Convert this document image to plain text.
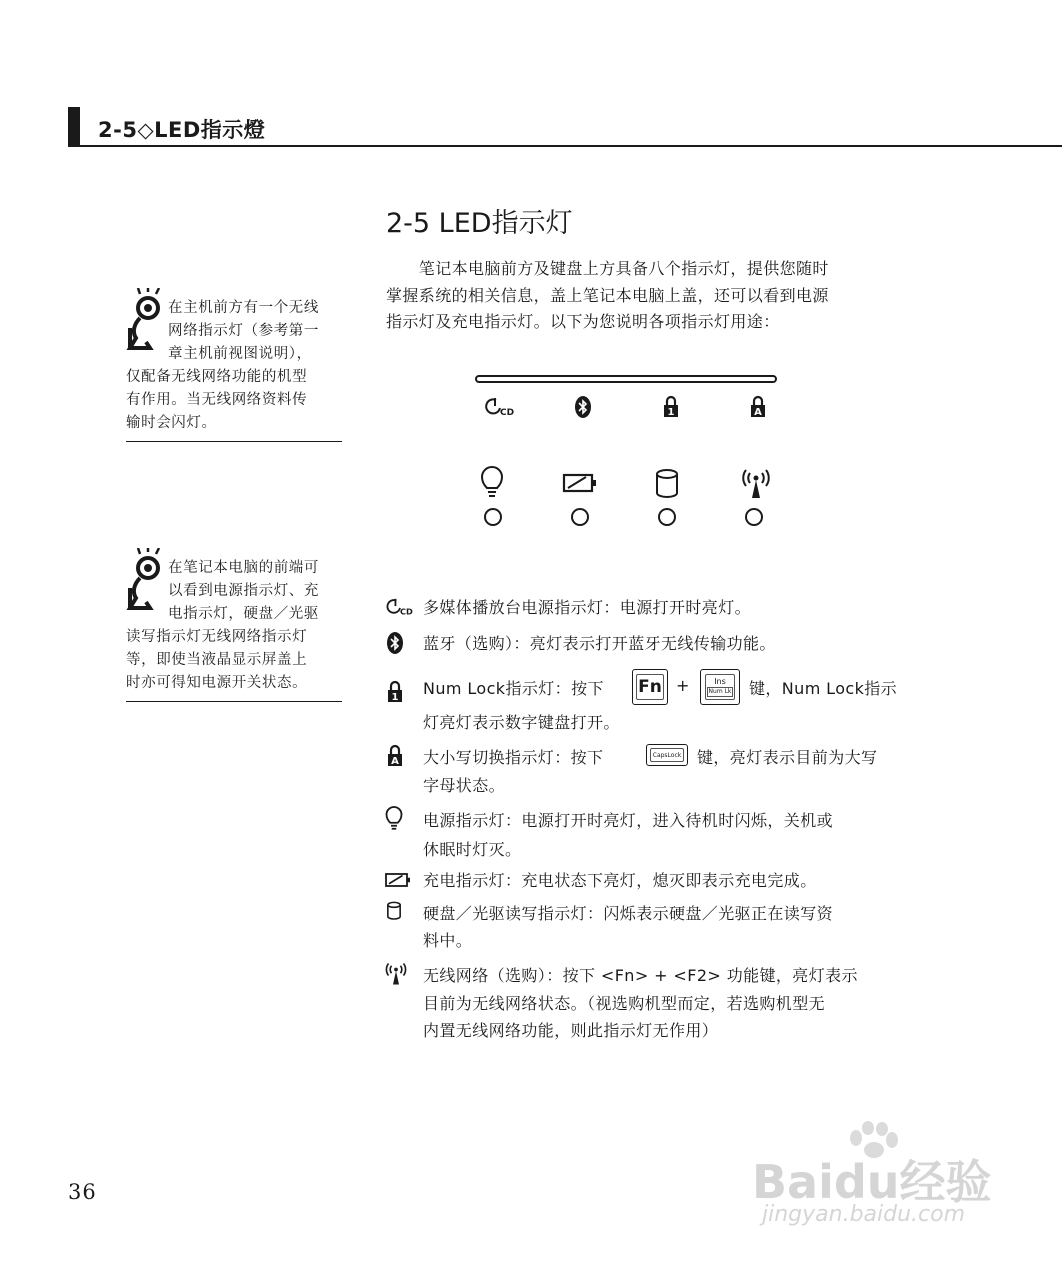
2-5◇LED指示燈
2-5 LED指示灯
　　笔记本电脑前方及键盘上方具备八个指示灯，提供您随时
掌握系统的相关信息，盖上笔记本电脑上盖，还可以看到电源
指示灯及充电指示灯。以下为您说明各项指示灯用途：
在主机前方有一个无线
网络指示灯（参考第一
章主机前视图说明），
仅配备无线网络功能的机型
有作用。当无线网络资料传
输时会闪灯。
在笔记本电脑的前端可
以看到电源指示灯、充
电指示灯，硬盘／光驱
读写指示灯无线网络指示灯
等，即使当液晶显示屏盖上
时亦可得知电源开关状态。
CD	1	A
CD 多媒体播放台电源指示灯：电源打开时亮灯。
蓝牙（选购）：亮灯表示打开蓝牙无线传输功能。
1 Num Lock指示灯：按下 Fn +	Ins
Num Lk 键，Num Lock指示
灯亮灯表示数字键盘打开。
A 大小写切换指示灯：按下	CapsLock 键，亮灯表示目前为大写
字母状态。
电源指示灯：电源打开时亮灯，进入待机时闪烁，关机或
休眠时灯灭。
充电指示灯：充电状态下亮灯，熄灭即表示充电完成。
硬盘／光驱读写指示灯：闪烁表示硬盘／光驱正在读写资
料中。
无线网络（选购）：按下 <Fn> + <F2> 功能键，亮灯表示
目前为无线网络状态。（视选购机型而定，若选购机型无
内置无线网络功能，则此指示灯无作用）
36	Baidu经验
jingyan.baidu.com
